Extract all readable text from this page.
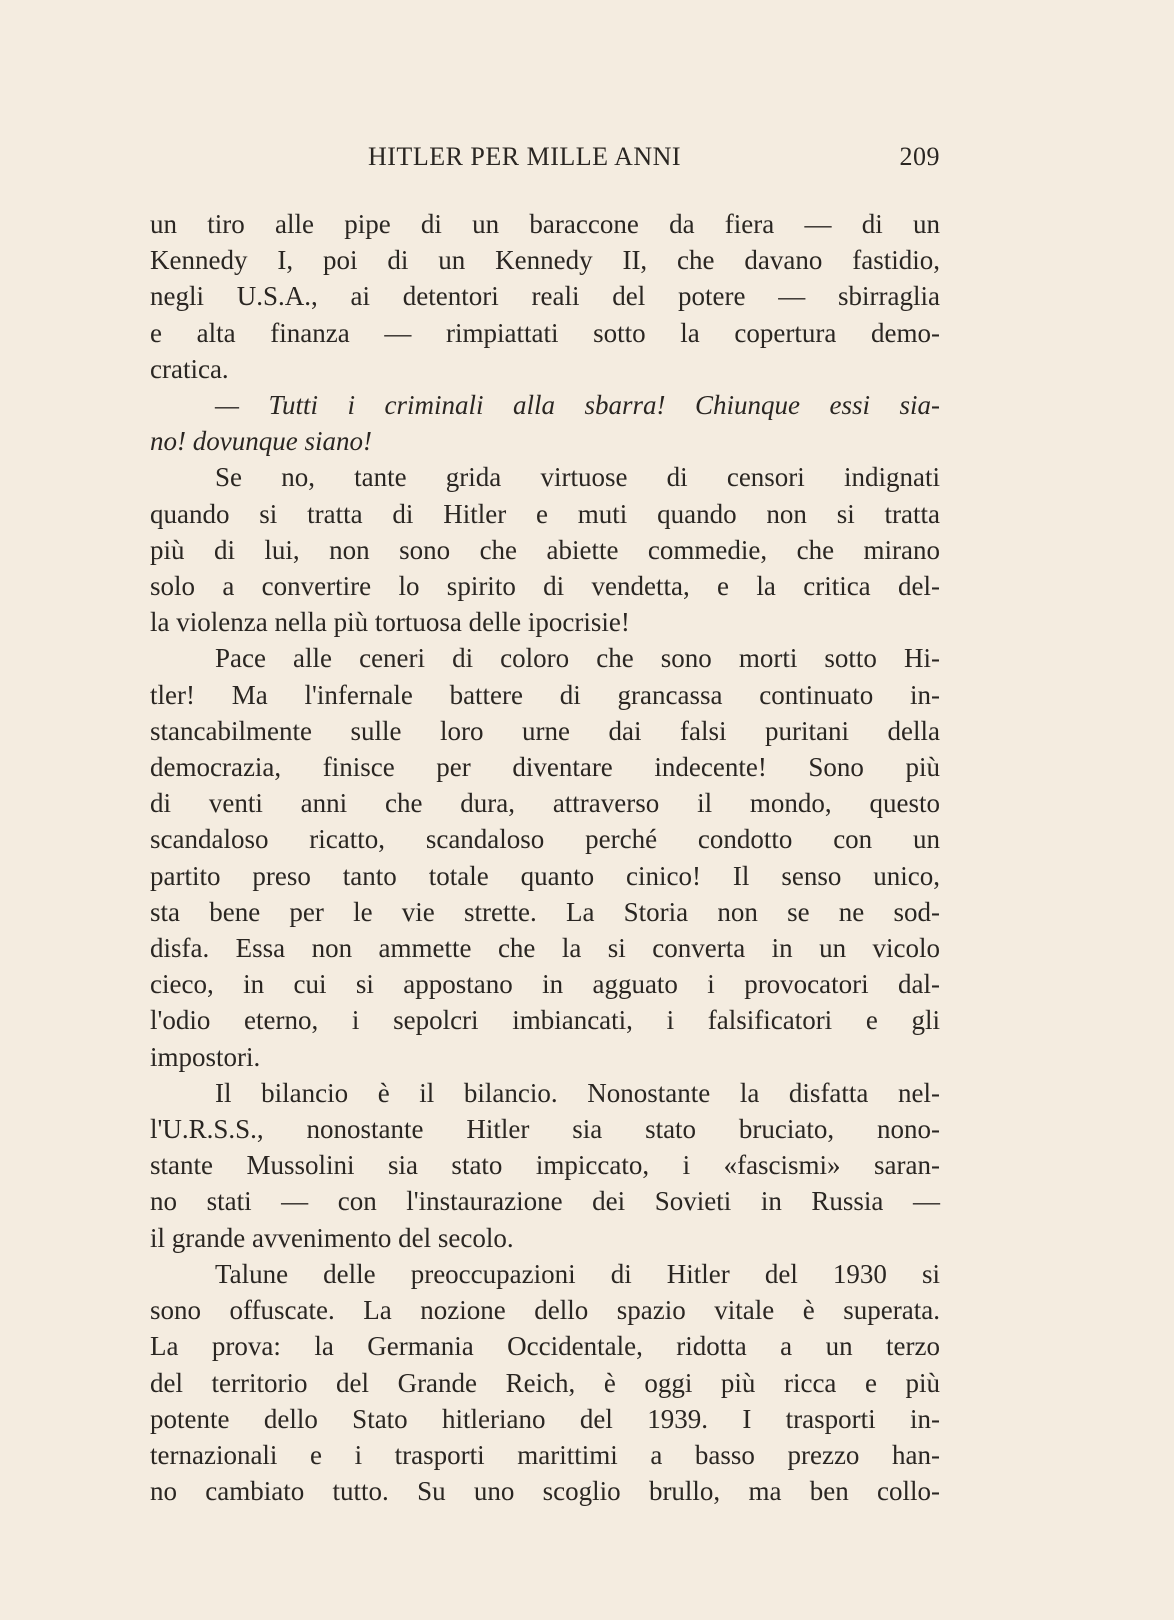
HITLER PER MILLE ANNI	209
un tiro alle pipe di un baraccone da fiera — di un
Kennedy I, poi di un Kennedy II, che davano fastidio,
negli U.S.A., ai detentori reali del potere — sbirraglia
e alta finanza — rimpiattati sotto la copertura demo-
cratica.
— Tutti i criminali alla sbarra! Chiunque essi sia-
no! dovunque siano!
Se no, tante grida virtuose di censori indignati
quando si tratta di Hitler e muti quando non si tratta
più di lui, non sono che abiette commedie, che mirano
solo a convertire lo spirito di vendetta, e la critica del-
la violenza nella più tortuosa delle ipocrisie!
Pace alle ceneri di coloro che sono morti sotto Hi-
tler! Ma l'infernale battere di grancassa continuato in-
stancabilmente sulle loro urne dai falsi puritani della
democrazia, finisce per diventare indecente! Sono più
di venti anni che dura, attraverso il mondo, questo
scandaloso ricatto, scandaloso perché condotto con un
partito preso tanto totale quanto cinico! Il senso unico,
sta bene per le vie strette. La Storia non se ne sod-
disfa. Essa non ammette che la si converta in un vicolo
cieco, in cui si appostano in agguato i provocatori dal-
l'odio eterno, i sepolcri imbiancati, i falsificatori e gli
impostori.
Il bilancio è il bilancio. Nonostante la disfatta nel-
l'U.R.S.S., nonostante Hitler sia stato bruciato, nono-
stante Mussolini sia stato impiccato, i «fascismi» saran-
no stati — con l'instaurazione dei Sovieti in Russia —
il grande avvenimento del secolo.
Talune delle preoccupazioni di Hitler del 1930 si
sono offuscate. La nozione dello spazio vitale è superata.
La prova: la Germania Occidentale, ridotta a un terzo
del territorio del Grande Reich, è oggi più ricca e più
potente dello Stato hitleriano del 1939. I trasporti in-
ternazionali e i trasporti marittimi a basso prezzo han-
no cambiato tutto. Su uno scoglio brullo, ma ben collo-
